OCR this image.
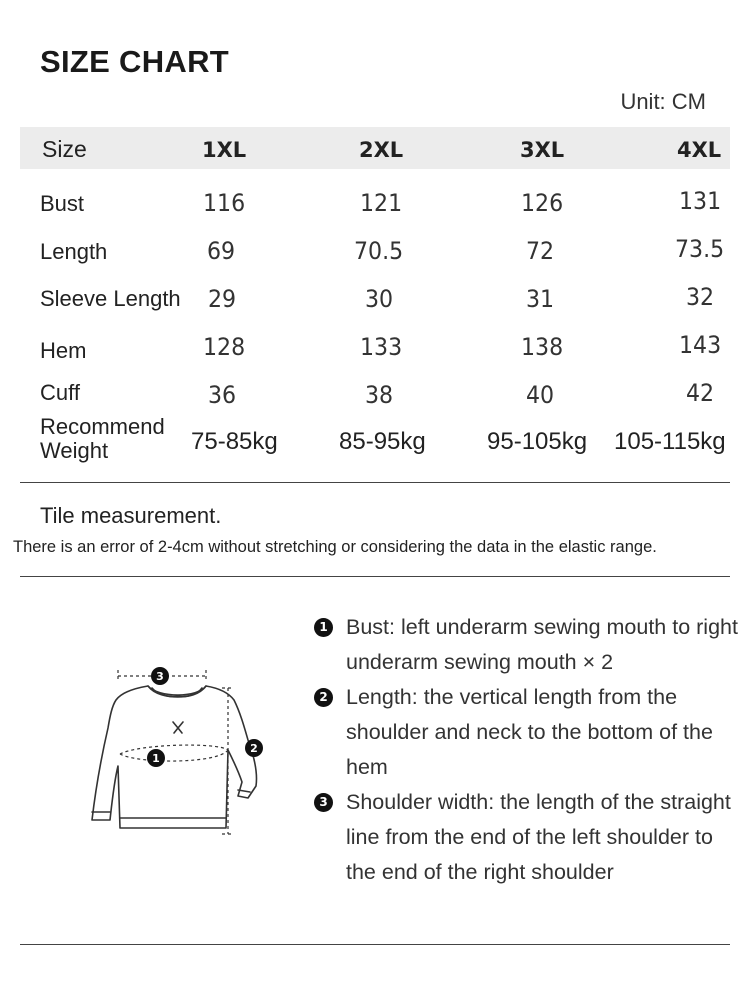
SIZE CHART
Unit: CM
Size	1XL	2XL	3XL	4XL
Bust	116	121	126	131
Length	69	70.5	72	73.5
Sleeve Length 29	30	31	32
Hem	128	133	138	143
Cuff	36	38	40	42
Recommend
Weight	75-85kg	85-95kg	95-105kg 105-115kg
Tile measurement.
There is an error of 2-4cm without stretching or considering the data in the elastic range.
3
1
2
1 Bust: left underarm sewing mouth to right underarm sewing mouth × 2
2 Length: the vertical length from the shoulder and neck to the bottom of the hem
3 Shoulder width: the length of the straight line from the end of the left shoulder to the end of the right shoulder
